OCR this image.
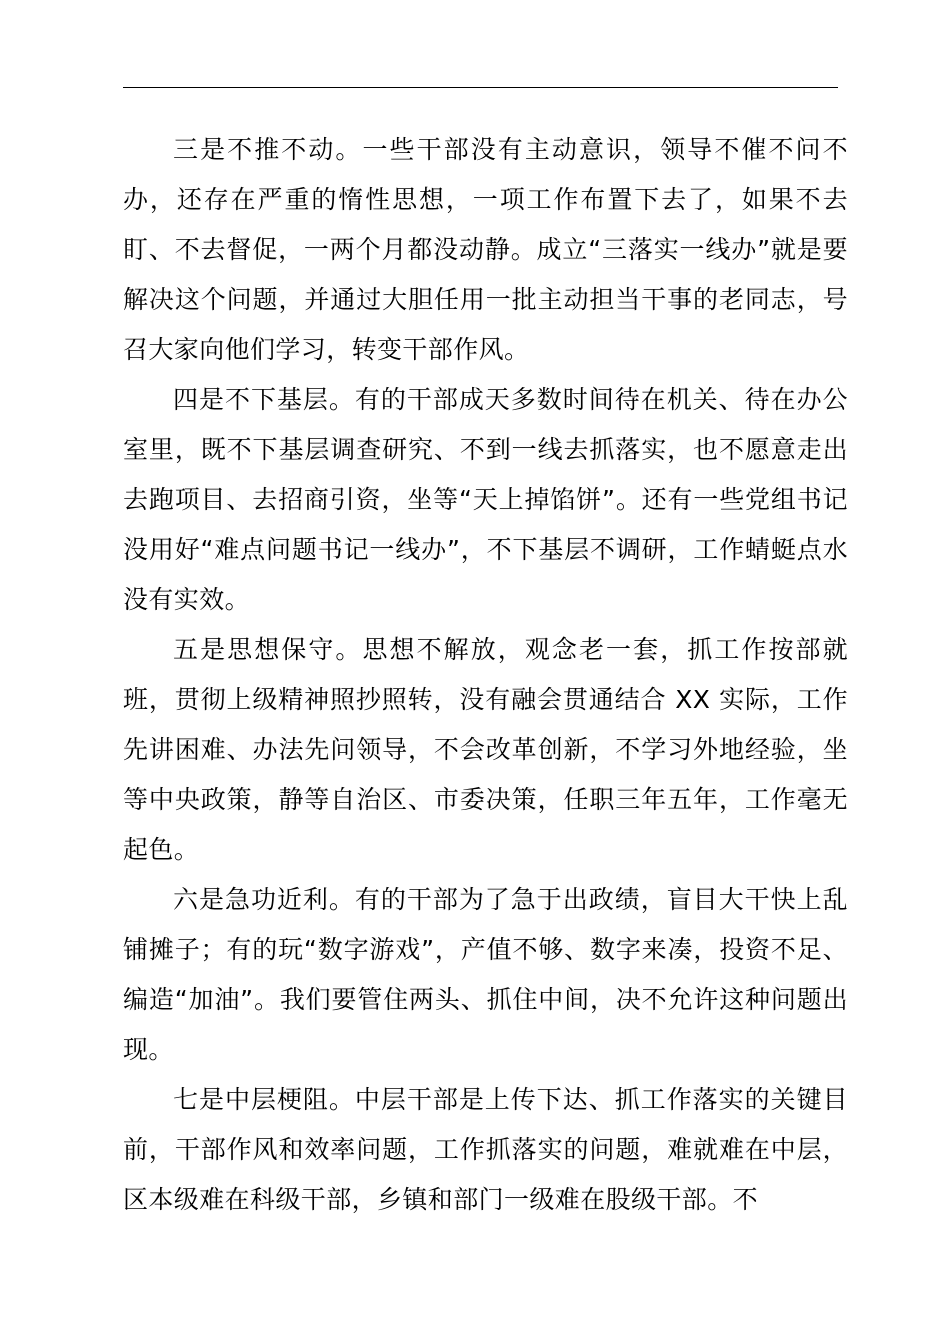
三是不推不动。一些干部没有主动意识，领导不催不问不办，还存在严重的惰性思想，一项工作布置下去了，如果不去盯、不去督促，一两个月都没动静。成立“三落实一线办”就是要解决这个问题，并通过大胆任用一批主动担当干事的老同志，号召大家向他们学习，转变干部作风。

四是不下基层。有的干部成天多数时间待在机关、待在办公室里，既不下基层调查研究、不到一线去抓落实，也不愿意走出去跑项目、去招商引资，坐等“天上掉馅饼”。还有一些党组书记没用好“难点问题书记一线办”，不下基层不调研，工作蜻蜓点水没有实效。

五是思想保守。思想不解放，观念老一套，抓工作按部就班，贯彻上级精神照抄照转，没有融会贯通结合 XX 实际，工作先讲困难、办法先问领导，不会改革创新，不学习外地经验，坐等中央政策，静等自治区、市委决策，任职三年五年，工作毫无起色。

六是急功近利。有的干部为了急于出政绩，盲目大干快上乱铺摊子；有的玩“数字游戏”，产值不够、数字来凑，投资不足、编造“加油”。我们要管住两头、抓住中间，决不允许这种问题出现。

七是中层梗阻。中层干部是上传下达、抓工作落实的关键目前，干部作风和效率问题，工作抓落实的问题，难就难在中层，区本级难在科级干部，乡镇和部门一级难在股级干部。不
